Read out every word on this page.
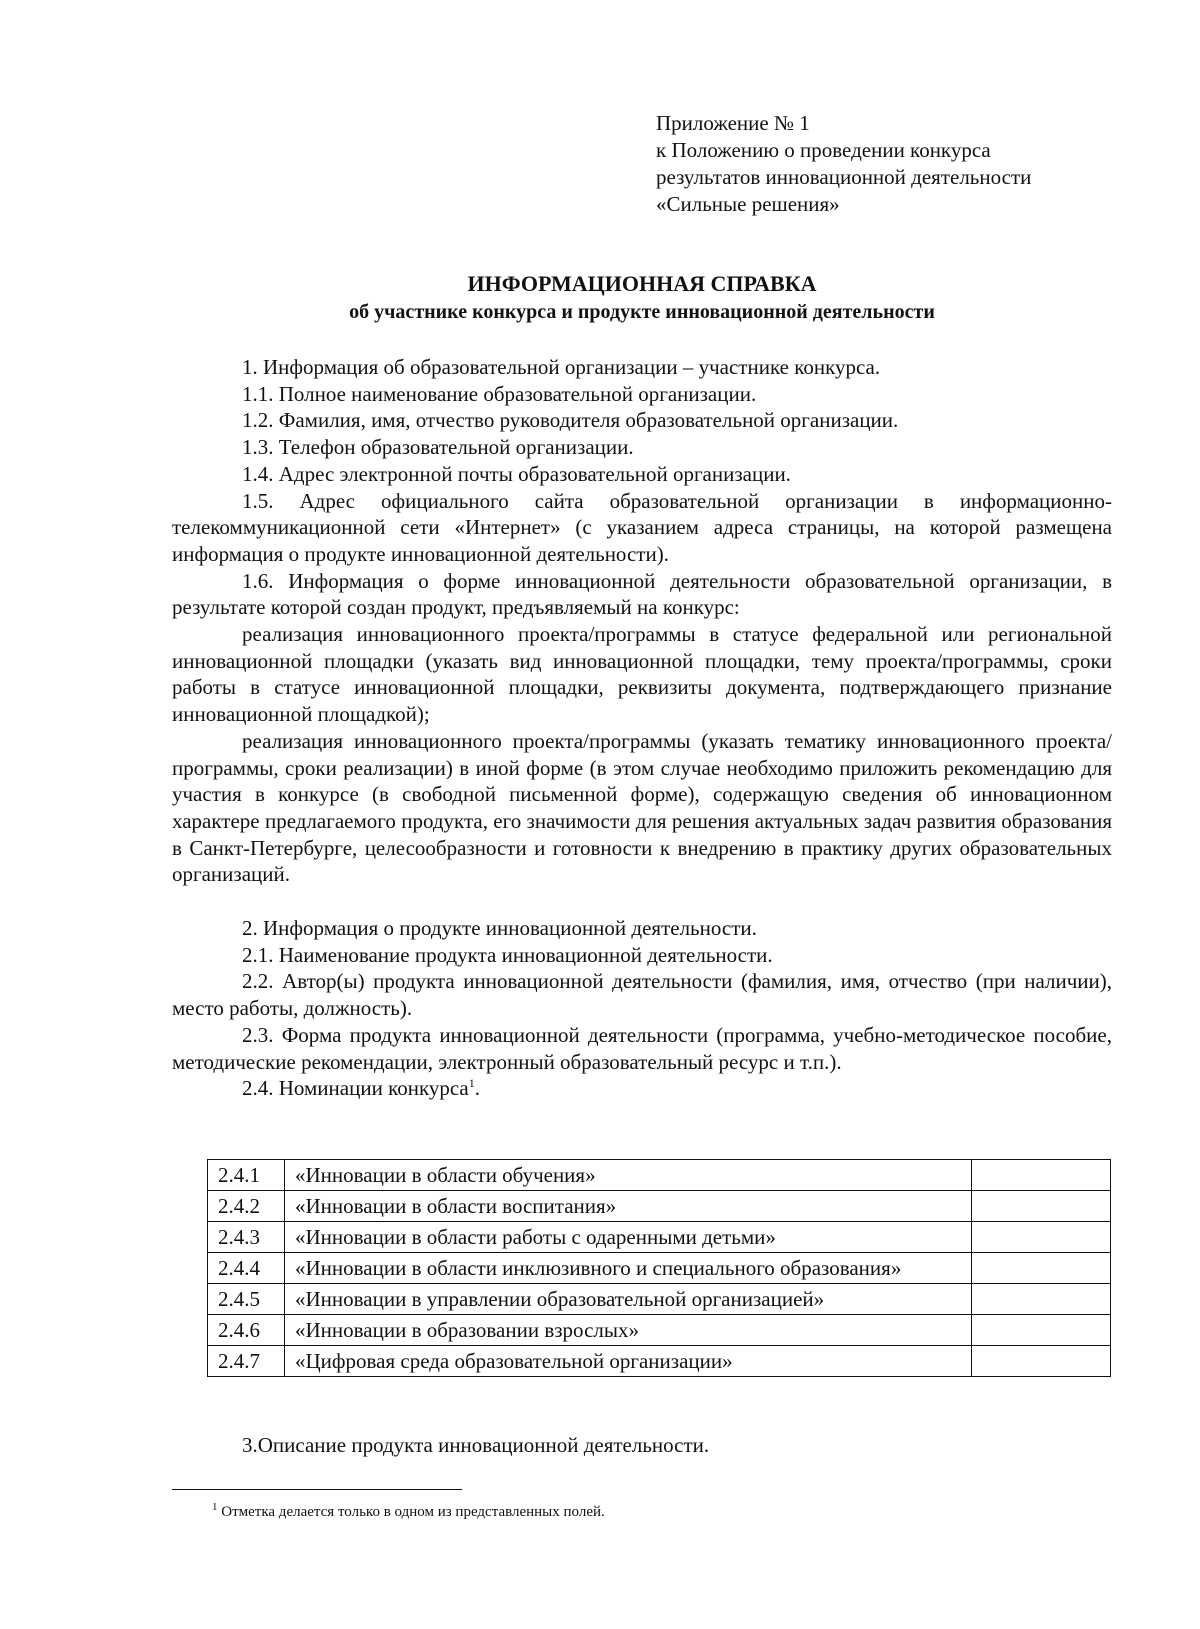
Приложение № 1
к Положению о проведении конкурса
результатов инновационной деятельности
«Сильные решения»
ИНФОРМАЦИОННАЯ СПРАВКА
об участнике конкурса и продукте инновационной деятельности

1. Информация об образовательной организации – участнике конкурса.

1.1. Полное наименование образовательной организации.

1.2. Фамилия, имя, отчество руководителя образовательной организации.

1.3. Телефон образовательной организации.

1.4. Адрес электронной почты образовательной организации.

1.5. Адрес официального сайта образовательной организации в информационно-телекоммуникационной сети «Интернет» (с указанием адреса страницы, на которой размещена информация о продукте инновационной деятельности).

1.6. Информация о форме инновационной деятельности образовательной организации, в результате которой создан продукт, предъявляемый на конкурс:

реализация инновационного проекта/программы в статусе федеральной или региональной инновационной площадки (указать вид инновационной площадки, тему проекта/программы, сроки работы в статусе инновационной площадки, реквизиты документа, подтверждающего признание инновационной площадкой);

реализация инновационного проекта/программы (указать тематику инновационного проекта/программы, сроки реализации) в иной форме (в этом случае необходимо приложить рекомендацию для участия в конкурсе (в свободной письменной форме), содержащую сведения об инновационном характере предлагаемого продукта, его значимости для решения актуальных задач развития образования в Санкт-Петербурге, целесообразности и готовности к внедрению в практику других образовательных организаций.

2. Информация о продукте инновационной деятельности.

2.1. Наименование продукта инновационной деятельности.

2.2. Автор(ы) продукта инновационной деятельности (фамилия, имя, отчество (при наличии), место работы, должность).

2.3. Форма продукта инновационной деятельности (программа, учебно-методическое пособие, методические рекомендации, электронный образовательный ресурс и т.п.).

2.4. Номинации конкурса$^1$.

2.4.1	«Инновации в области обучения»	
2.4.2	«Инновации в области воспитания»	
2.4.3	«Инновации в области работы с одаренными детьми»	
2.4.4	«Инновации в области инклюзивного и специального образования»	
2.4.5	«Инновации в управлении образовательной организацией»	
2.4.6	«Инновации в образовании взрослых»	
2.4.7	«Цифровая среда образовательной организации»	
3.Описание продукта инновационной деятельности.
$^1$ Отметка делается только в одном из представленных полей.
